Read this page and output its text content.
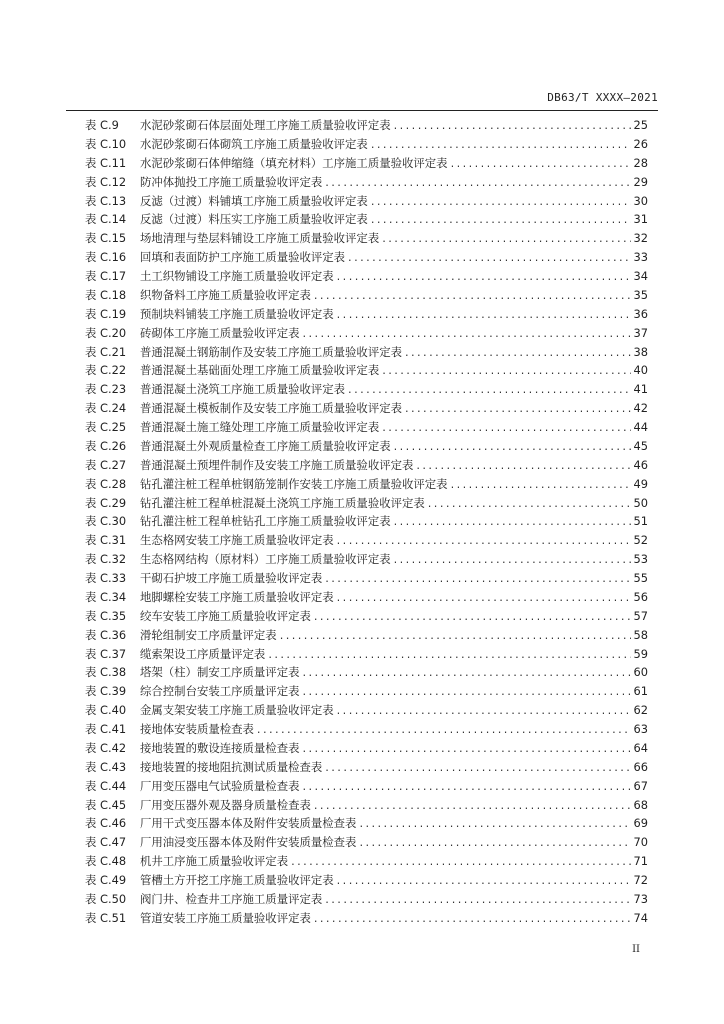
DB63/T XXXX—2021
表 C.9	水泥砂浆砌石体层面处理工序施工质量验收评定表 .....	25
表 C.10	水泥砂浆砌石体砌筑工序施工质量验收评定表 .....	26
表 C.11	水泥砂浆砌石体伸缩缝（填充材料）工序施工质量验收评定表 .....	28
表 C.12	防冲体抛投工序施工质量验收评定表 .....	29
表 C.13	反滤（过渡）料铺填工序施工质量验收评定表 .....	30
表 C.14	反滤（过渡）料压实工序施工质量验收评定表 .....	31
表 C.15	场地清理与垫层料铺设工序施工质量验收评定表 .....	32
表 C.16	回填和表面防护工序施工质量验收评定表 .....	33
表 C.17	土工织物铺设工序施工质量验收评定表 .....	34
表 C.18	织物备料工序施工质量验收评定表 .....	35
表 C.19	预制块料铺装工序施工质量验收评定表 .....	36
表 C.20	砖砌体工序施工质量验收评定表 .....	37
表 C.21	普通混凝土钢筋制作及安装工序施工质量验收评定表 .....	38
表 C.22	普通混凝土基础面处理工序施工质量验收评定表 .....	40
表 C.23	普通混凝土浇筑工序施工质量验收评定表 .....	41
表 C.24	普通混凝土模板制作及安装工序施工质量验收评定表 .....	42
表 C.25	普通混凝土施工缝处理工序施工质量验收评定表 .....	44
表 C.26	普通混凝土外观质量检查工序施工质量验收评定表 .....	45
表 C.27	普通混凝土预埋件制作及安装工序施工质量验收评定表 .....	46
表 C.28	钻孔灌注桩工程单桩钢筋笼制作安装工序施工质量验收评定表 .....	49
表 C.29	钻孔灌注桩工程单桩混凝土浇筑工序施工质量验收评定表 .....	50
表 C.30	钻孔灌注桩工程单桩钻孔工序施工质量验收评定表 .....	51
表 C.31	生态格网安装工序施工质量验收评定表 .....	52
表 C.32	生态格网结构（原材料）工序施工质量验收评定表 .....	53
表 C.33	干砌石护坡工序施工质量验收评定表 .....	55
表 C.34	地脚螺栓安装工序施工质量验收评定表 .....	56
表 C.35	绞车安装工序施工质量验收评定表 .....	57
表 C.36	滑轮组制安工序质量评定表 .....	58
表 C.37	缆索架设工序质量评定表 .....	59
表 C.38	塔架（柱）制安工序质量评定表 .....	60
表 C.39	综合控制台安装工序质量评定表 .....	61
表 C.40	金属支架安装工序施工质量验收评定表 .....	62
表 C.41	接地体安装质量检查表 .....	63
表 C.42	接地装置的敷设连接质量检查表 .....	64
表 C.43	接地装置的接地阻抗测试质量检查表 .....	66
表 C.44	厂用变压器电气试验质量检查表 .....	67
表 C.45	厂用变压器外观及器身质量检查表 .....	68
表 C.46	厂用干式变压器本体及附件安装质量检查表 .....	69
表 C.47	厂用油浸变压器本体及附件安装质量检查表 .....	70
表 C.48	机井工序施工质量验收评定表 .....	71
表 C.49	管槽土方开挖工序施工质量验收评定表 .....	72
表 C.50	阀门井、检查井工序施工质量评定表 .....	73
表 C.51	管道安装工序施工质量验收评定表 .....	74
II
